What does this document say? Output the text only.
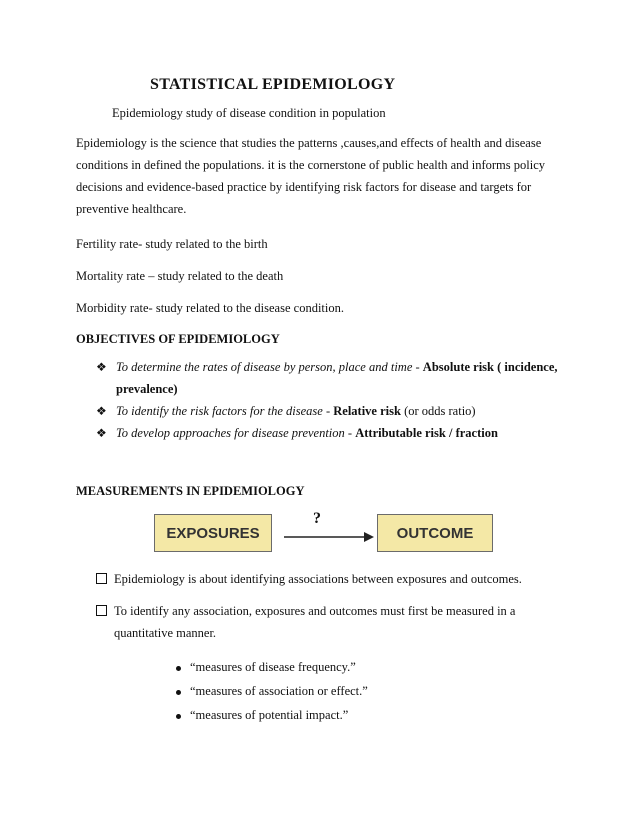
STATISTICAL EPIDEMIOLOGY
Epidemiology study of disease condition in population
Epidemiology is the science that studies the patterns ,causes,and effects of health and disease conditions in defined the populations. it is the cornerstone of public health and informs policy decisions and evidence-based practice by identifying risk factors for disease and targets for preventive healthcare.
Fertility rate- study related to the birth
Mortality rate – study related to the death
Morbidity rate- study related to the disease condition.
OBJECTIVES OF EPIDEMIOLOGY
❖ To determine the rates of disease by person, place and time - Absolute risk ( incidence, prevalence)
❖ To identify the risk factors for the disease - Relative risk (or odds ratio)
❖ To develop approaches for disease prevention - Attributable risk / fraction
MEASUREMENTS IN EPIDEMIOLOGY
EXPOSURES
?
OUTCOME
Epidemiology is about identifying associations between exposures and outcomes.
To identify any association, exposures and outcomes must first be measured in a quantitative manner.
“measures of disease frequency.”
“measures of association or effect.”
“measures of potential impact.”
